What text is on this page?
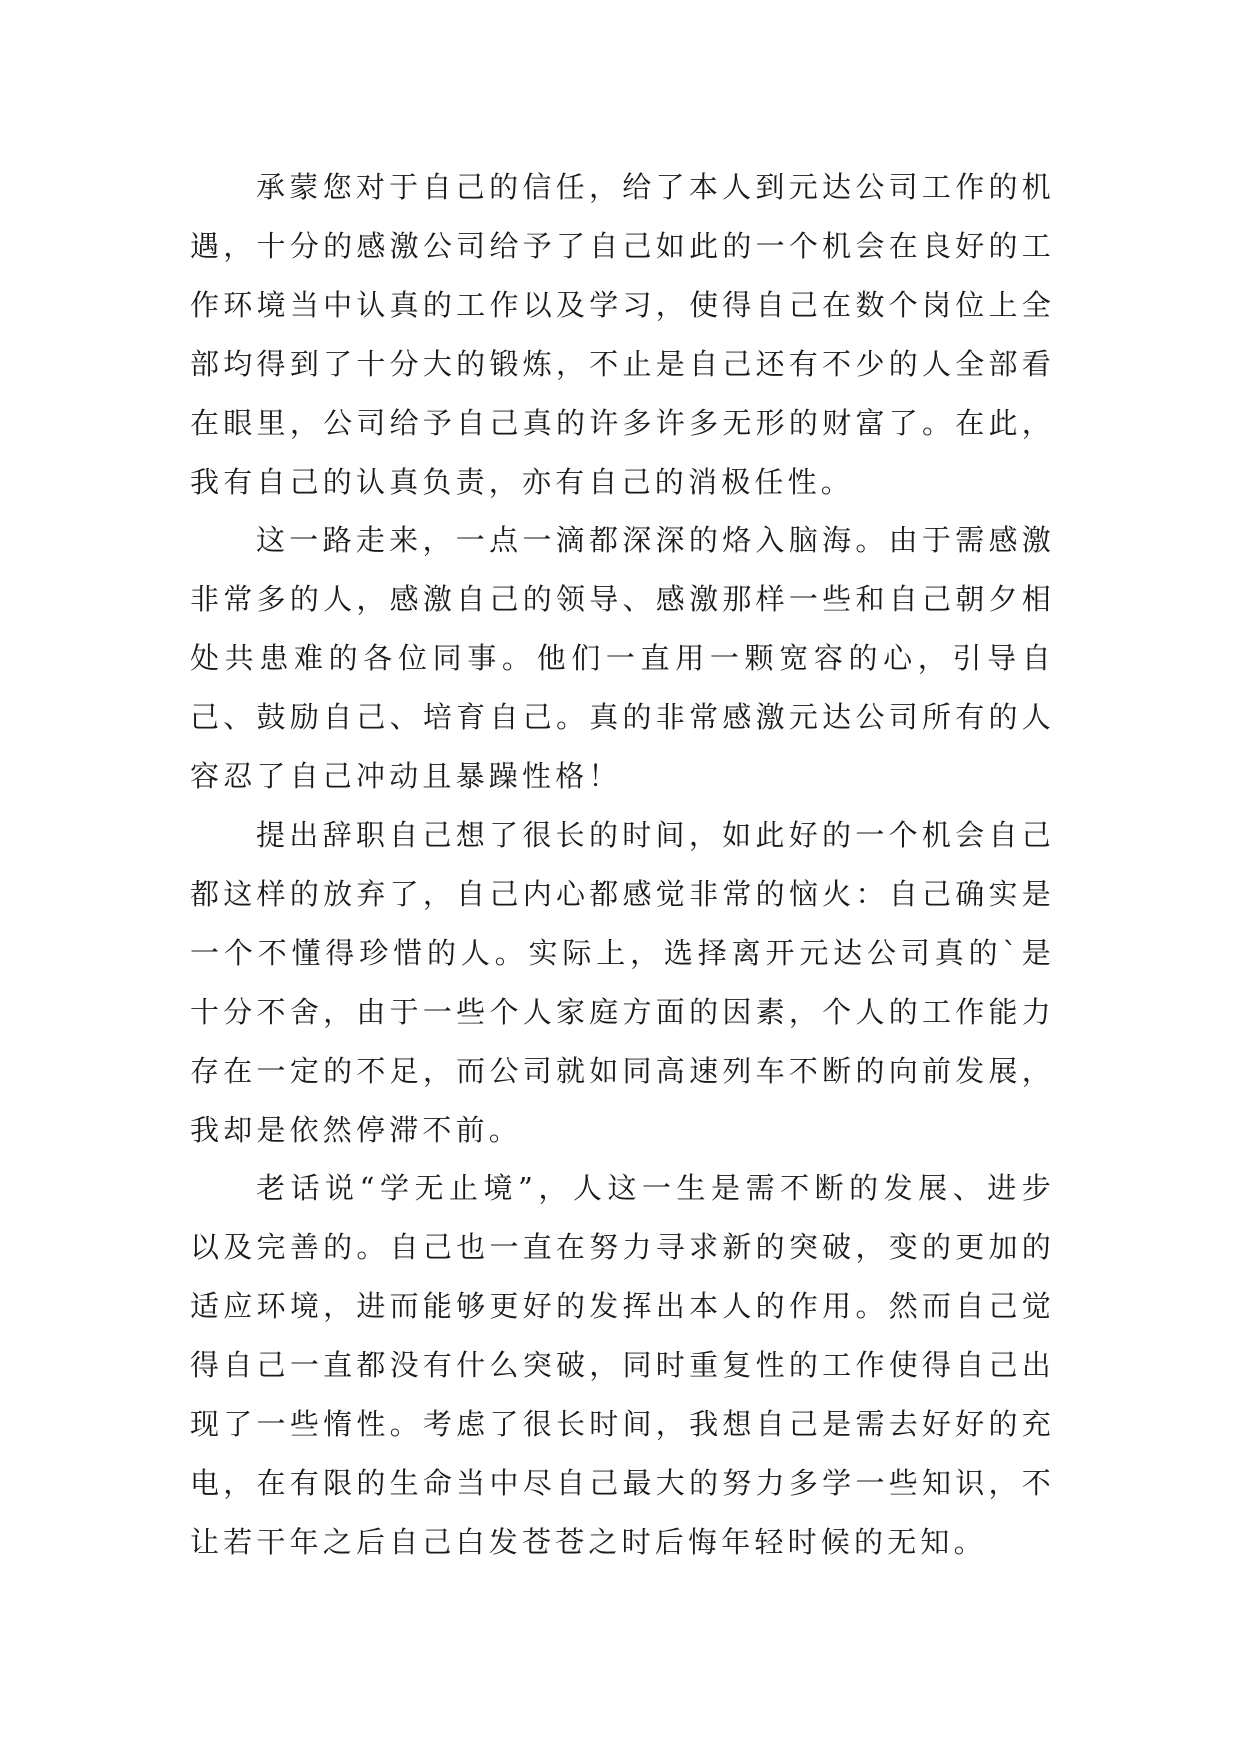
承蒙您对于自己的信任，给了本人到元达公司工作的机遇，十分的感激公司给予了自己如此的一个机会在良好的工作环境当中认真的工作以及学习，使得自己在数个岗位上全部均得到了十分大的锻炼，不止是自己还有不少的人全部看在眼里，公司给予自己真的许多许多无形的财富了。在此，我有自己的认真负责，亦有自己的消极任性。

这一路走来，一点一滴都深深的烙入脑海。由于需感激非常多的人，感激自己的领导、感激那样一些和自己朝夕相处共患难的各位同事。他们一直用一颗宽容的心，引导自己、鼓励自己、培育自己。真的非常感激元达公司所有的人容忍了自己冲动且暴躁性格！

提出辞职自己想了很长的时间，如此好的一个机会自己都这样的放弃了，自己内心都感觉非常的恼火：自己确实是一个不懂得珍惜的人。实际上，选择离开元达公司真的`是十分不舍，由于一些个人家庭方面的因素，个人的工作能力存在一定的不足，而公司就如同高速列车不断的向前发展，我却是依然停滞不前。

老话说“学无止境”，人这一生是需不断的发展、进步以及完善的。自己也一直在努力寻求新的突破，变的更加的适应环境，进而能够更好的发挥出本人的作用。然而自己觉得自己一直都没有什么突破，同时重复性的工作使得自己出现了一些惰性。考虑了很长时间，我想自己是需去好好的充电，在有限的生命当中尽自己最大的努力多学一些知识，不让若干年之后自己白发苍苍之时后悔年轻时候的无知。
